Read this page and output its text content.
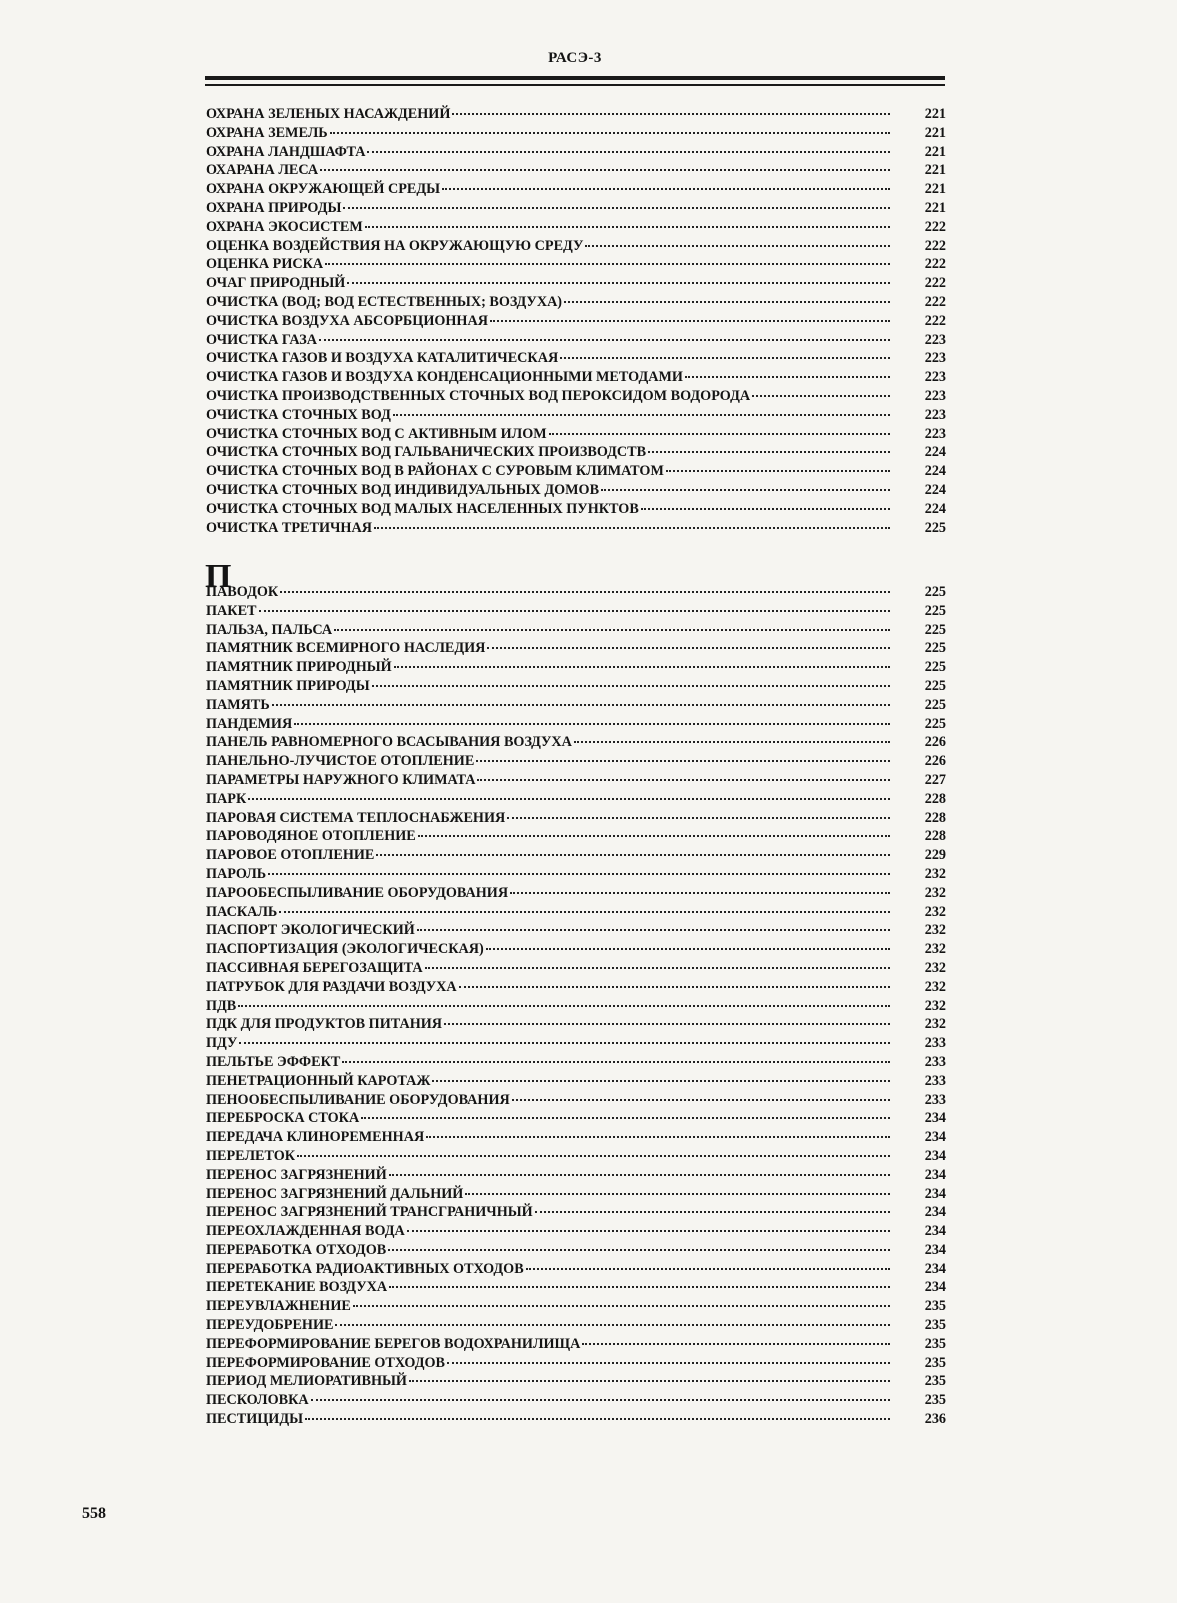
РАСЭ-3
ОХРАНА ЗЕЛЕНЫХ НАСАЖДЕНИЙ	221
ОХРАНА ЗЕМЕЛЬ	221
ОХРАНА ЛАНДШАФТА	221
ОХАРАНА ЛЕСА	221
ОХРАНА ОКРУЖАЮЩЕЙ СРЕДЫ	221
ОХРАНА ПРИРОДЫ	221
ОХРАНА ЭКОСИСТЕМ	222
ОЦЕНКА ВОЗДЕЙСТВИЯ НА ОКРУЖАЮЩУЮ СРЕДУ	222
ОЦЕНКА РИСКА	222
ОЧАГ ПРИРОДНЫЙ	222
ОЧИСТКА (ВОД; ВОД ЕСТЕСТВЕННЫХ; ВОЗДУХА)	222
ОЧИСТКА ВОЗДУХА АБСОРБЦИОННАЯ	222
ОЧИСТКА ГАЗА	223
ОЧИСТКА ГАЗОВ И ВОЗДУХА КАТАЛИТИЧЕСКАЯ	223
ОЧИСТКА ГАЗОВ И ВОЗДУХА КОНДЕНСАЦИОННЫМИ МЕТОДАМИ	223
ОЧИСТКА ПРОИЗВОДСТВЕННЫХ СТОЧНЫХ ВОД ПЕРОКСИДОМ ВОДОРОДА	223
ОЧИСТКА СТОЧНЫХ ВОД	223
ОЧИСТКА СТОЧНЫХ ВОД С АКТИВНЫМ ИЛОМ	223
ОЧИСТКА СТОЧНЫХ ВОД ГАЛЬВАНИЧЕСКИХ ПРОИЗВОДСТВ	224
ОЧИСТКА СТОЧНЫХ ВОД В РАЙОНАХ С СУРОВЫМ КЛИМАТОМ	224
ОЧИСТКА СТОЧНЫХ ВОД ИНДИВИДУАЛЬНЫХ ДОМОВ	224
ОЧИСТКА СТОЧНЫХ ВОД МАЛЫХ НАСЕЛЕННЫХ ПУНКТОВ	224
ОЧИСТКА ТРЕТИЧНАЯ	225
П
ПАВОДОК	225
ПАКЕТ	225
ПАЛЬЗА, ПАЛЬСА	225
ПАМЯТНИК ВСЕМИРНОГО НАСЛЕДИЯ	225
ПАМЯТНИК ПРИРОДНЫЙ	225
ПАМЯТНИК ПРИРОДЫ	225
ПАМЯТЬ	225
ПАНДЕМИЯ	225
ПАНЕЛЬ РАВНОМЕРНОГО ВСАСЫВАНИЯ ВОЗДУХА	226
ПАНЕЛЬНО-ЛУЧИСТОЕ ОТОПЛЕНИЕ	226
ПАРАМЕТРЫ НАРУЖНОГО КЛИМАТА	227
ПАРК	228
ПАРОВАЯ СИСТЕМА ТЕПЛОСНАБЖЕНИЯ	228
ПАРОВОДЯНОЕ ОТОПЛЕНИЕ	228
ПАРОВОЕ ОТОПЛЕНИЕ	229
ПАРОЛЬ	232
ПАРООБЕСПЫЛИВАНИЕ ОБОРУДОВАНИЯ	232
ПАСКАЛЬ	232
ПАСПОРТ ЭКОЛОГИЧЕСКИЙ	232
ПАСПОРТИЗАЦИЯ (ЭКОЛОГИЧЕСКАЯ)	232
ПАССИВНАЯ БЕРЕГОЗАЩИТА	232
ПАТРУБОК ДЛЯ РАЗДАЧИ ВОЗДУХА	232
ПДВ	232
ПДК ДЛЯ ПРОДУКТОВ ПИТАНИЯ	232
ПДУ	233
ПЕЛЬТЬЕ ЭФФЕКТ	233
ПЕНЕТРАЦИОННЫЙ КАРОТАЖ	233
ПЕНООБЕСПЫЛИВАНИЕ ОБОРУДОВАНИЯ	233
ПЕРЕБРОСКА СТОКА	234
ПЕРЕДАЧА КЛИНОРЕМЕННАЯ	234
ПЕРЕЛЕТОК	234
ПЕРЕНОС ЗАГРЯЗНЕНИЙ	234
ПЕРЕНОС ЗАГРЯЗНЕНИЙ ДАЛЬНИЙ	234
ПЕРЕНОС ЗАГРЯЗНЕНИЙ ТРАНСГРАНИЧНЫЙ	234
ПЕРЕОХЛАЖДЕННАЯ ВОДА	234
ПЕРЕРАБОТКА ОТХОДОВ	234
ПЕРЕРАБОТКА РАДИОАКТИВНЫХ ОТХОДОВ	234
ПЕРЕТЕКАНИЕ ВОЗДУХА	234
ПЕРЕУВЛАЖНЕНИЕ	235
ПЕРЕУДОБРЕНИЕ	235
ПЕРЕФОРМИРОВАНИЕ БЕРЕГОВ ВОДОХРАНИЛИЩА	235
ПЕРЕФОРМИРОВАНИЕ ОТХОДОВ	235
ПЕРИОД МЕЛИОРАТИВНЫЙ	235
ПЕСКОЛОВКА	235
ПЕСТИЦИДЫ	236
558
